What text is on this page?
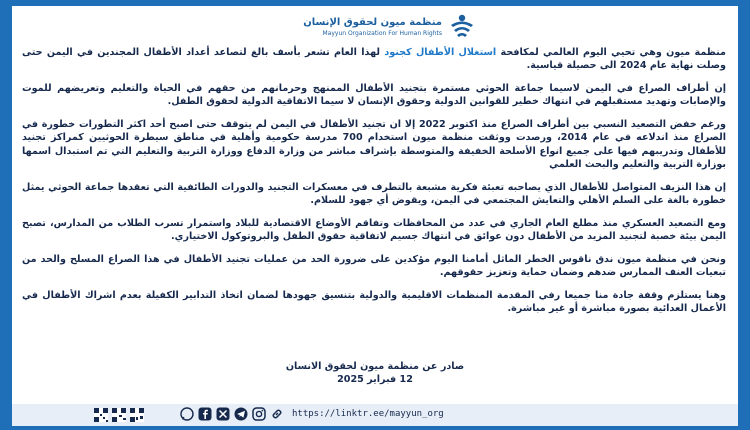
منظمة ميون لحقوق الإنسان
Mayyun Organization For Human Rights

منظمة ميون وهي تحيي اليوم العالمي لمكافحة استغلال الأطفال كجنود لهذا العام تشعر بأسف بالغ لتصاعد أعداد الأطفال المجندين في اليمن حتى وصلت نهاية عام 2024 الى حصيلة قياسية.

إن أطراف الصراع في اليمن لاسيما جماعة الحوثي مستمرة بتجنيد الأطفال الممنهج وحرمانهم من حقهم في الحياة والتعليم وتعريضهم للموت والإصابات وتهديد مستقبلهم في انتهاك خطير للقوانين الدولية وحقوق الإنسان لا سيما الاتفاقية الدولية لحقوق الطفل.

ورغم خفض التصعيد النسبي بين أطراف الصراع منذ اكتوبر 2022 إلا ان تجنيد الأطفال في اليمن لم يتوقف حتى اصبح أحد اكثر التطورات خطورة في الصراع منذ اندلاعه في عام 2014، ورصدت ووثقت منظمة ميون استخدام 700 مدرسة حكومية وأهلية في مناطق سيطرة الحوثيين كمراكز تجنيد للأطفال وتدريبهم فيها على جميع انواع الأسلحة الخفيفة والمتوسطة بإشراف مباشر من وزارة الدفاع ووزارة التربية والتعليم التي تم استبدال اسمها بوزارة التربية والتعليم والبحث العلمي

إن هذا النزيف المتواصل للأطفال الذي يصاحبه تعبئة فكرية مشبعة بالتطرف في معسكرات التجنيد والدورات الطائفية التي تعقدها جماعة الحوثي يمثل خطورة بالغة على السلم الأهلي والتعايش المجتمعي في اليمن، ويقوض أي جهود للسلام.

ومع التصعيد العسكري منذ مطلع العام الجاري في عدد من المحافظات وتفاقم الأوضاع الاقتصادية للبلاد واستمرار تسرب الطلاب من المدارس، تصبح اليمن بيئة خصبة لتجنيد المزيد من الأطفال دون عوائق في انتهاك جسيم لاتفاقية حقوق الطفل والبروتوكول الاختياري.

ونحن في منظمة ميون ندق ناقوس الخطر الماثل أمامنا اليوم مؤكدين على ضرورة الحد من عمليات تجنيد الأطفال في هذا الصراع المسلح والحد من تبعيات العنف الممارس ضدهم وضمان حماية وتعزيز حقوقهم.

وهنا يستلزم وقفة جادة منا جميعا رفي المقدمة المنظمات الاقليمية والدولية بتنسيق جهودها لضمان اتخاذ التدابير الكفيلة بعدم اشراك الأطفال في الأعمال العدائية بصورة مباشرة أو غير مباشرة.

صادر عن منظمة ميون لحقوق الانسان
12 فبراير 2025
https://linktr.ee/mayyun_org
